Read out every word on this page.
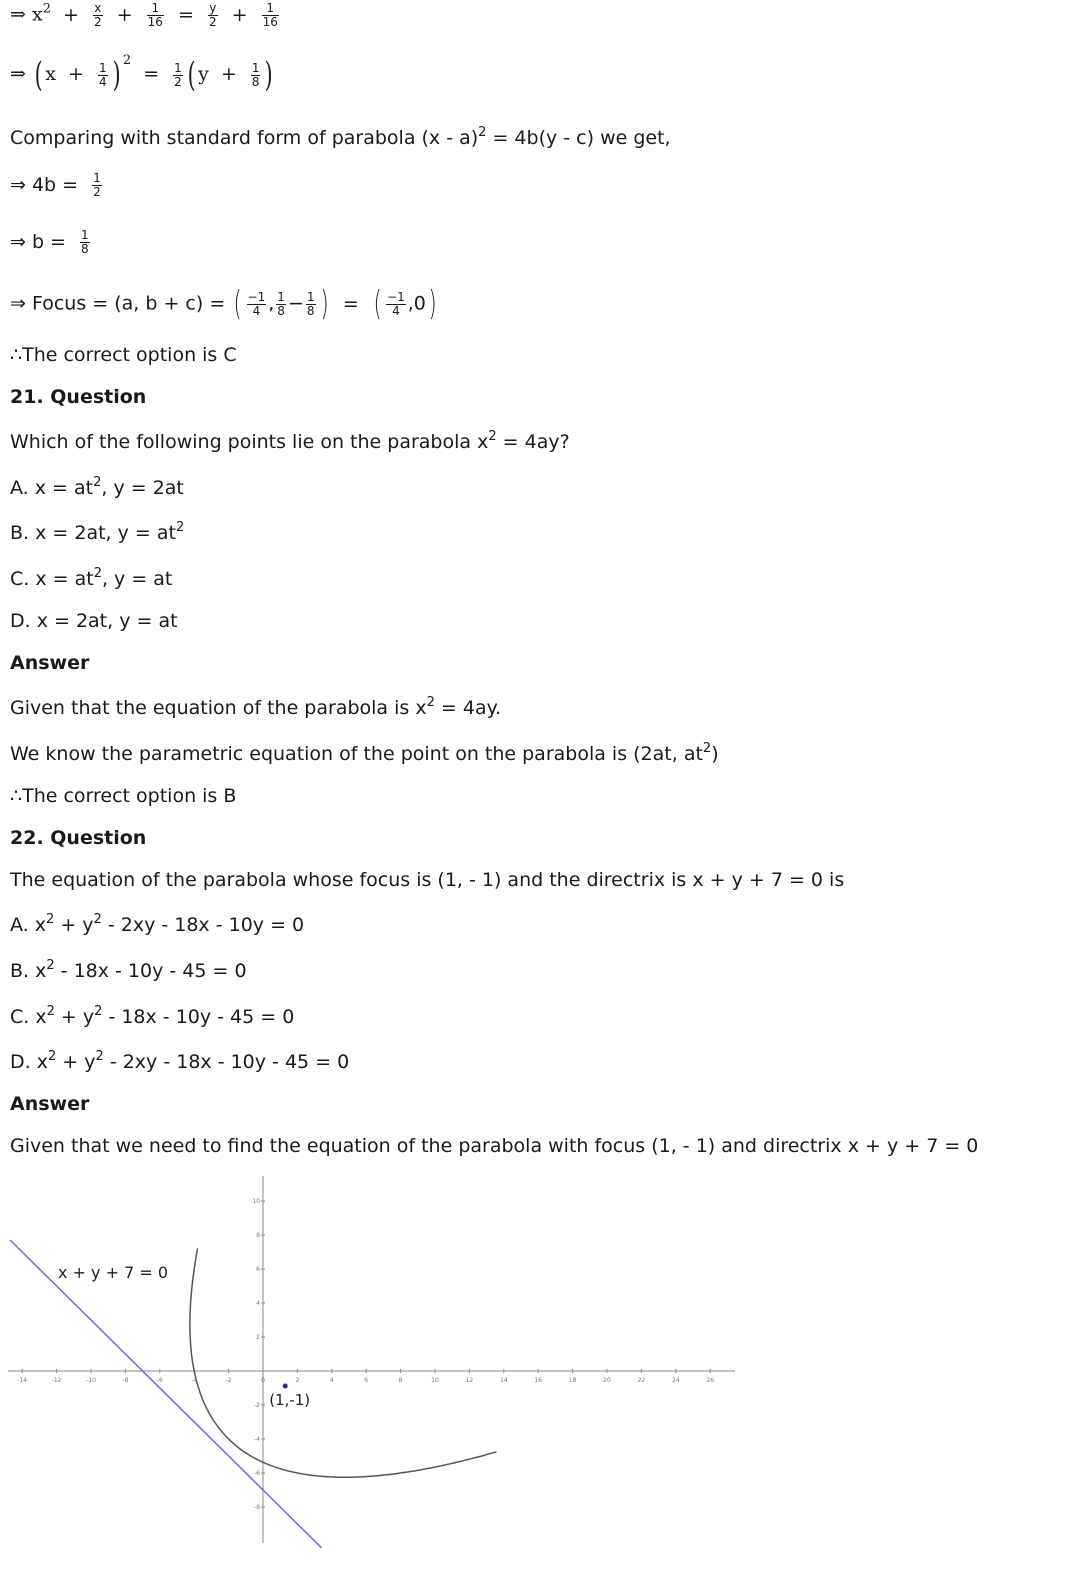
⇒ $x^2 + \frac{x}{2} + \frac{1}{16} = \frac{y}{2} + \frac{1}{16}$
⇒ ( $x + \frac{1}{4}$ ) $^2 = \frac{1}{2}$ ( $y + \frac{1}{8}$ )
Comparing with standard form of parabola (x - a)$^2$ = 4b(y - c) we get,
⇒ $4b = \frac{1}{2}$
⇒ $b = \frac{1}{8}$
⇒ Focus = (a, b + c) = ( $\frac{-1}{4}$ , $\frac{1}{8} - \frac{1}{8}$ ) = ( $\frac{-1}{4} ,0$)
∴The correct option is C
21. Question
Which of the following points lie on the parabola $x^2 = 4ay$?
A. $x = at^2$, y = 2at
B. x = 2at, $y = at^2$
C. $x = at^2$, y = at
D. x = 2at, y = at
Answer
Given that the equation of the parabola is $x^2 = 4ay$.
We know the parametric equation of the point on the parabola is (2at, $at^2$)
∴The correct option is B
22. Question
The equation of the parabola whose focus is (1, - 1) and the directrix is x + y + 7 = 0 is
A. $x^2 + y^2 - 2xy - 18x - 10y = 0$
B. $x^2 - 18x - 10y - 45 = 0$
C. $x^2 + y^2 - 18x - 10y - 45 = 0$
D. $x^2 + y^2 - 2xy - 18x - 10y - 45 = 0$
Answer
Given that we need to find the equation of the parabola with focus (1, - 1) and directrix x + y + 7 = 0
-14	-12	-10	-8	-6	-4	-2	0	2	4	6	8	10	12	14	16	18	20	22	24	26
10
8
6
4
2
-2
-4
-6
-8
x + y + 7 = 0
(1,-1)
